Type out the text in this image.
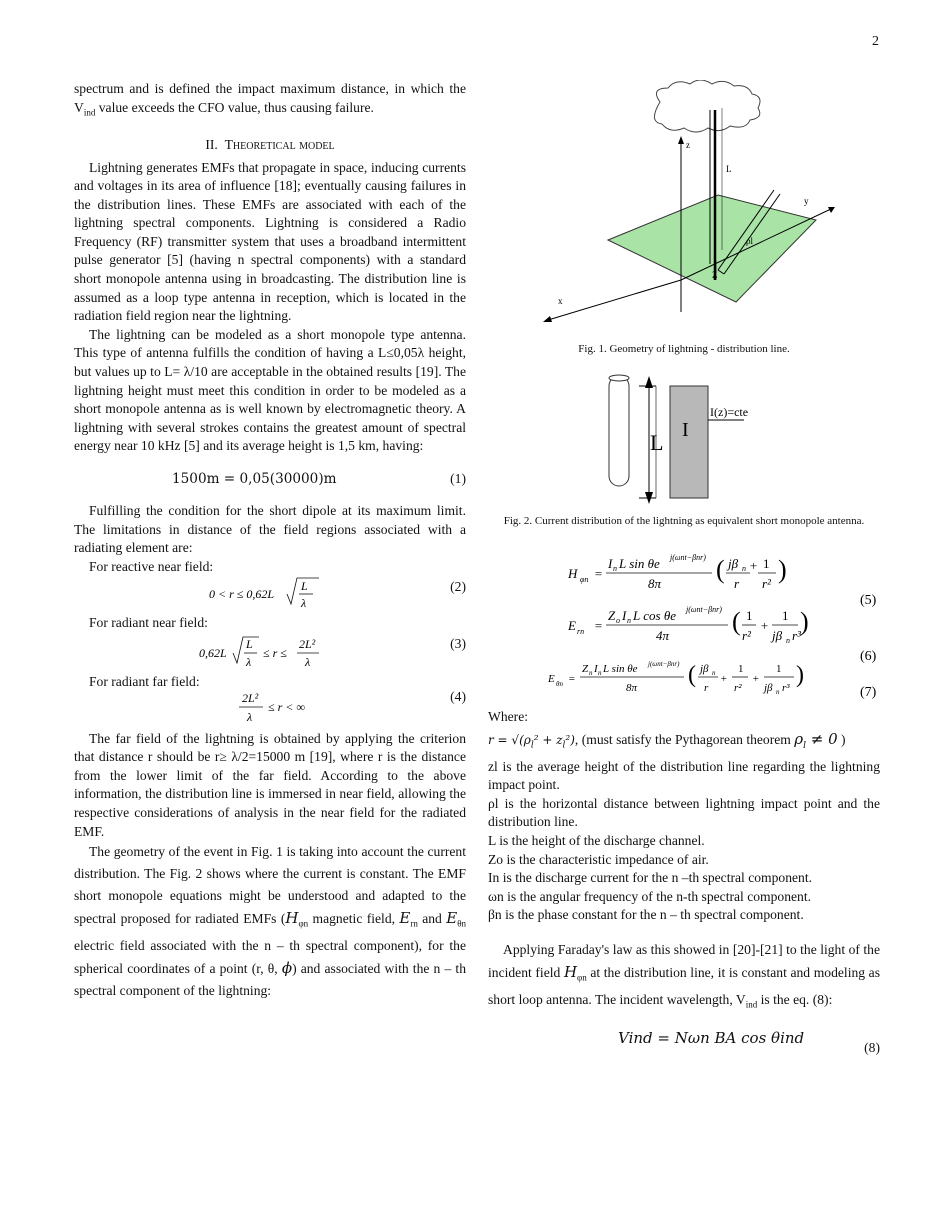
2

spectrum and is defined the impact maximum distance, in which the $V_{ind}$ value exceeds the CFO value, thus causing failure.

II. Theoretical model

Lightning generates EMFs that propagate in space, inducing currents and voltages in its area of influence [18]; eventually causing failures in the distribution lines. These EMFs are associated with each of the lightning spectral components. Lightning is considered a Radio Frequency (RF) transmitter system that uses a broadband intermittent pulse generator [5] (having n spectral components) with a standard short monopole antenna using in broadcasting. The distribution line is assumed as a loop type antenna in reception, which is located in the radiation field region near the lightning.

The lightning can be modeled as a short monopole type antenna. This type of antenna fulfills the condition of having a L≤0,05λ height, but values up to L= λ/10 are acceptable in the obtained results [19]. The lightning height must meet this condition in order to be modeled as a short monopole antenna as is well known by electromagnetic theory. A lightning with several strokes contains the greatest amount of spectral energy near 10 kHz [5] and its average height is 1,5 km, having:

1500m = 0,05(30000)m	(1)

Fulfilling the condition for the short dipole at its maximum limit. The limitations in distance of the field regions associated with a radiating element are:

For reactive near field:

0 < r ≤ 0,62L
L
λ
(2)

For radiant near field:

0,62L
L
λ
≤ r ≤
2L²
λ
(3)

For radiant far field:

2L²
λ
≤ r < ∞
(4)

The far field of the lightning is obtained by applying the criterion that distance r should be r≥ λ/2=15000 m [19], where r is the distance from the lower limit of the far field. According to the above information, the distribution line is immersed in near field, allowing the respective considerations of analysis in the near field for the radiated EMF.

The geometry of the event in Fig. 1 is taking into account the current distribution. The Fig. 2 shows where the current is constant. The EMF short monopole equations might be understood and adapted to the spectral proposed for radiated EMFs ($H_{\varphi n}$ magnetic field, $E_{rn}$ and $E_{\theta n}$ electric field associated with the n – th spectral component), for the spherical coordinates of a point (r, θ, ϕ) and associated with the n – th spectral component of the lightning:

z
y
x
L
ρl
Z
Fig. 1. Geometry of lightning - distribution line.
L I
I(z)=cte
Fig. 2. Current distribution of the lightning as equivalent short monopole antenna.
H φn =
I n L sin θe j(ωnt−βnr)
8π ( jβ n + 1
r r² )
E rn =
Z o I n L cos θe j(ωnt−βnr)
4π ( 1
+
1
r² jβ n r³ )
E θn =
Z n I n L sin θe j(ωnt−βnr)
8π ( jβ n +
1
+
1
r r² jβ n r³ )
(5)
(6)
(7)

Where:

$r = √(\rho_l^2 + z_l^2)$, (must satisfy the Pythagorean theorem $\rho_l \ne 0$ )

zl is the average height of the distribution line regarding the lightning impact point.

ρl is the horizontal distance between lightning impact point and the distribution line.

L is the height of the discharge channel.

Zo is the characteristic impedance of air.

In is the discharge current for the n –th spectral component.

ωn is the angular frequency of the n-th spectral component.

βn is the phase constant for the n – th spectral component.

Applying Faraday's law as this showed in [20]-[21] to the light of the incident field $H_{\varphi n}$ at the distribution line, it is constant and modeling as short loop antenna. The incident wavelength, $V_{ind}$ is the eq. (8):

Vind = Nωn BA cos θind
(8)
